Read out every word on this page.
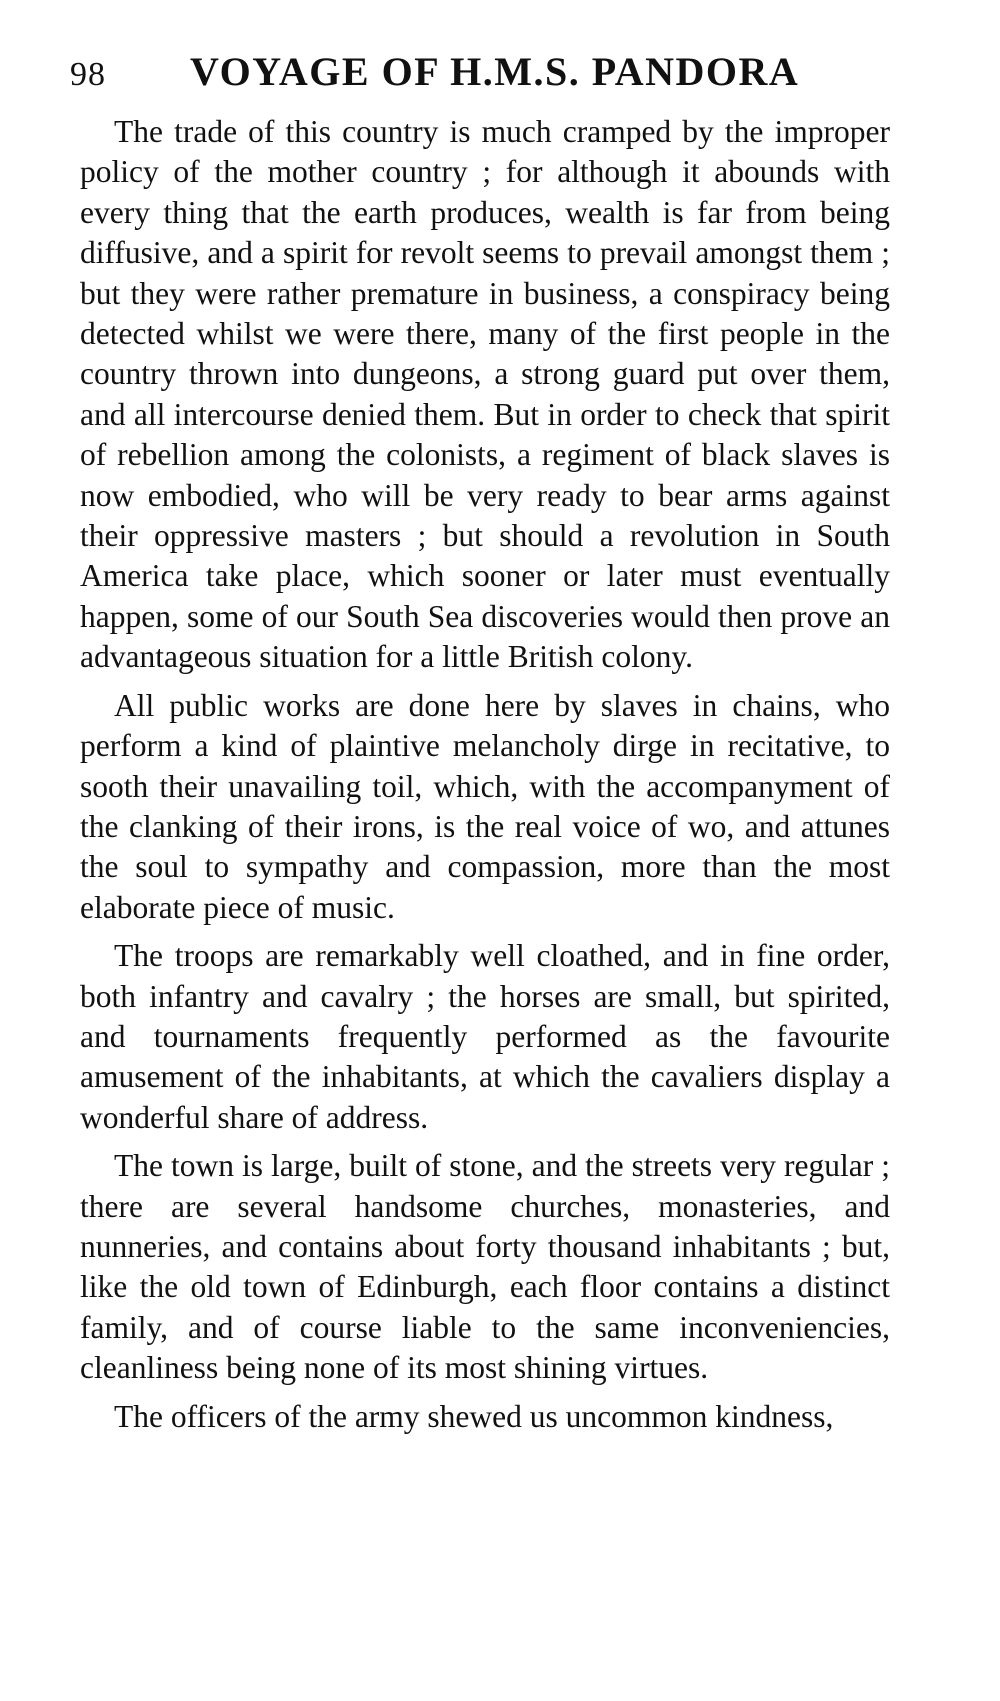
98 VOYAGE OF H.M.S. PANDORA

The trade of this country is much cramped by the improper policy of the mother country ; for although it abounds with every thing that the earth produces, wealth is far from being diffusive, and a spirit for revolt seems to prevail amongst them ; but they were rather premature in business, a conspiracy being detected whilst we were there, many of the first people in the country thrown into dungeons, a strong guard put over them, and all intercourse denied them. But in order to check that spirit of rebellion among the colonists, a regiment of black slaves is now embodied, who will be very ready to bear arms against their oppressive masters ; but should a revolution in South America take place, which sooner or later must eventually happen, some of our South Sea discoveries would then prove an advantageous situation for a little British colony.

All public works are done here by slaves in chains, who perform a kind of plaintive melancholy dirge in recitative, to sooth their unavailing toil, which, with the accompanyment of the clanking of their irons, is the real voice of wo, and attunes the soul to sympathy and compassion, more than the most elaborate piece of music.

The troops are remarkably well cloathed, and in fine order, both infantry and cavalry ; the horses are small, but spirited, and tournaments frequently performed as the favourite amusement of the inhabitants, at which the cavaliers display a wonderful share of address.

The town is large, built of stone, and the streets very regular ; there are several handsome churches, monasteries, and nunneries, and contains about forty thousand inhabitants ; but, like the old town of Edinburgh, each floor contains a distinct family, and of course liable to the same inconveniencies, cleanliness being none of its most shining virtues.

The officers of the army shewed us uncommon kindness,
